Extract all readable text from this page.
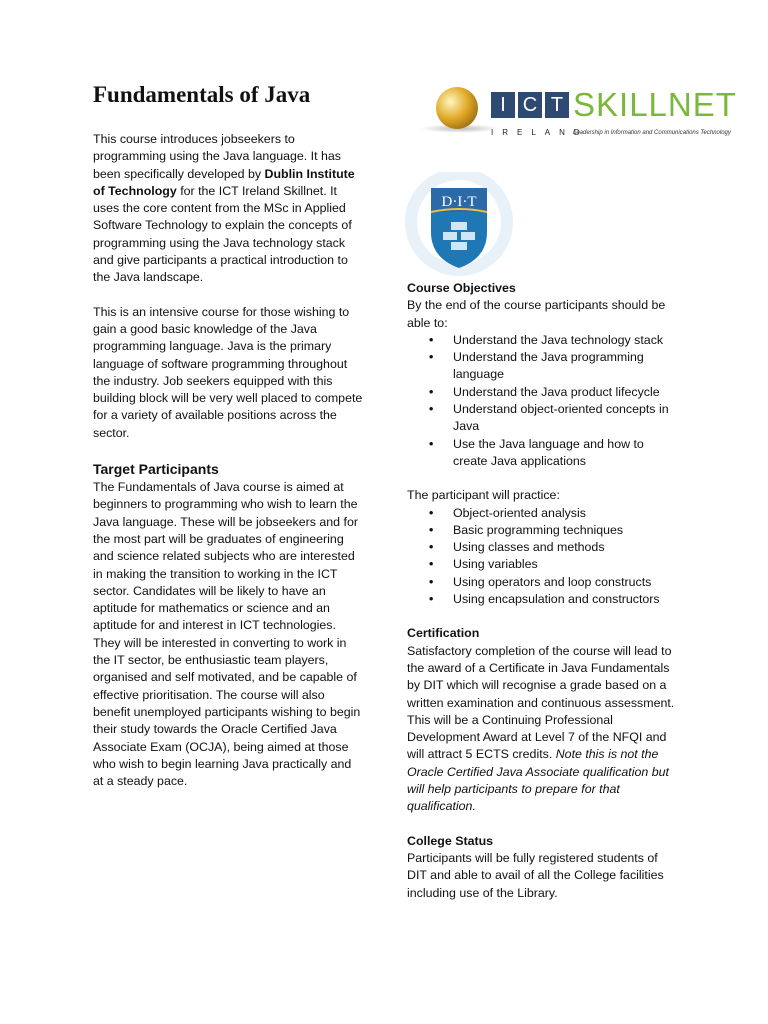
Fundamentals of Java	I C T SKILLNET
IRELAND
Leadership in Information and Communications Technology
D·I·T

This course introduces jobseekers to programming using the Java language. It has been specifically developed by Dublin Institute of Technology for the ICT Ireland Skillnet. It uses the core content from the MSc in Applied Software Technology to explain the concepts of programming using the Java technology stack and give participants a practical introduction to the Java landscape.

This is an intensive course for those wishing to gain a good basic knowledge of the Java programming language. Java is the primary language of software programming throughout the industry. Job seekers equipped with this building block will be very well placed to compete for a variety of available positions across the sector.

Target Participants

The Fundamentals of Java course is aimed at beginners to programming who wish to learn the Java language. These will be jobseekers and for the most part will be graduates of engineering and science related subjects who are interested in making the transition to working in the ICT sector. Candidates will be likely to have an aptitude for mathematics or science and an aptitude for and interest in ICT technologies. They will be interested in converting to work in the IT sector, be enthusiastic team players, organised and self motivated, and be capable of effective prioritisation. The course will also benefit unemployed participants wishing to begin their study towards the Oracle Certified Java Associate Exam (OCJA), being aimed at those who wish to begin learning Java practically and at a steady pace.

Course Objectives
By the end of the course participants should be able to:
• Understand the Java technology stack
• Understand the Java programming language
• Understand the Java product lifecycle
• Understand object-oriented concepts in Java
• Use the Java language and how to create Java applications
The participant will practice:
• Object-oriented analysis
• Basic programming techniques
• Using classes and methods
• Using variables
• Using operators and loop constructs
• Using encapsulation and constructors
Certification

Satisfactory completion of the course will lead to the award of a Certificate in Java Fundamentals by DIT which will recognise a grade based on a written examination and continuous assessment. This will be a Continuing Professional Development Award at Level 7 of the NFQI and will attract 5 ECTS credits. Note this is not the Oracle Certified Java Associate qualification but will help participants to prepare for that qualification.

College Status

Participants will be fully registered students of DIT and able to avail of all the College facilities including use of the Library.
